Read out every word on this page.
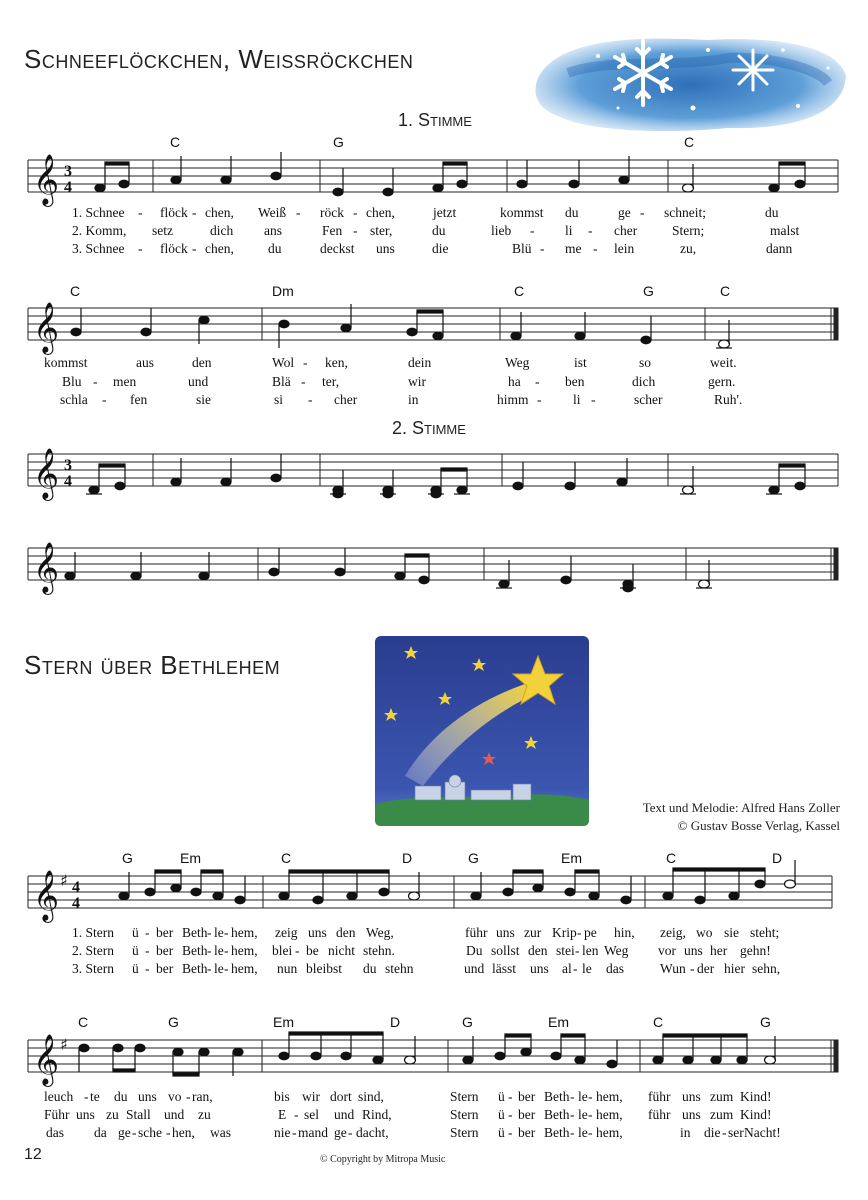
Schneeflöckchen, Weissröckchen
1. Stimme
𝄞 3
4
C	G	C
1. Schnee - flöck - chen, Weiß - röck - chen,	jetzt	kommst du	ge - schneit;	du
2. Komm, setz	dich ans	Fen - ster,	du	lieb - li - cher	Stern;	malst
3. Schnee - flöck - chen,	du	deckst uns	die	Blü - me - lein	zu,	dann
C	Dm	C	G	C
𝄞
kommst	aus	den	Wol - ken,	dein	Weg	ist	so	weit.
Blu - men	und	Blä - ter,	wir	ha - ben	dich	gern.
schla - fen	sie	si - cher	in	himm - li -	scher	Ruh'.
2. Stimme
𝄞 3
4
𝄞
Stern über Bethlehem
Text und Melodie: Alfred Hans Zoller
© Gustav Bosse Verlag, Kassel
G	Em	C	D	G	Em	C	D
𝄞 ♯ 4
4
1. Stern ü - ber Beth - le - hem, zeig uns den Weg,	führ uns zur Krip - pe hin, zeig, wo sie steht;
2. Stern ü - ber Beth - le - hem, blei - be nicht stehn.	Du sollst den stei - len Weg vor uns her gehn!
3. Stern ü - ber Beth - le - hem, nun bleibst du stehn	und lässt uns al - le das	Wun - der hier sehn,
C	G	Em	D	G	Em	C	G
𝄞 ♯
leuch - te du uns vo - ran,	bis wir dort sind,	Stern ü - ber Beth - le - hem, führ uns zum Kind!
Führ uns zu Stall und zu	E - sel und Rind,	Stern ü - ber Beth - le - hem, führ uns zum Kind!
das da ge - sche - hen, was	nie - mand ge - dacht,	Stern ü - ber Beth - le - hem,	in die - ser Nacht!
12	© Copyright by Mitropa Music
